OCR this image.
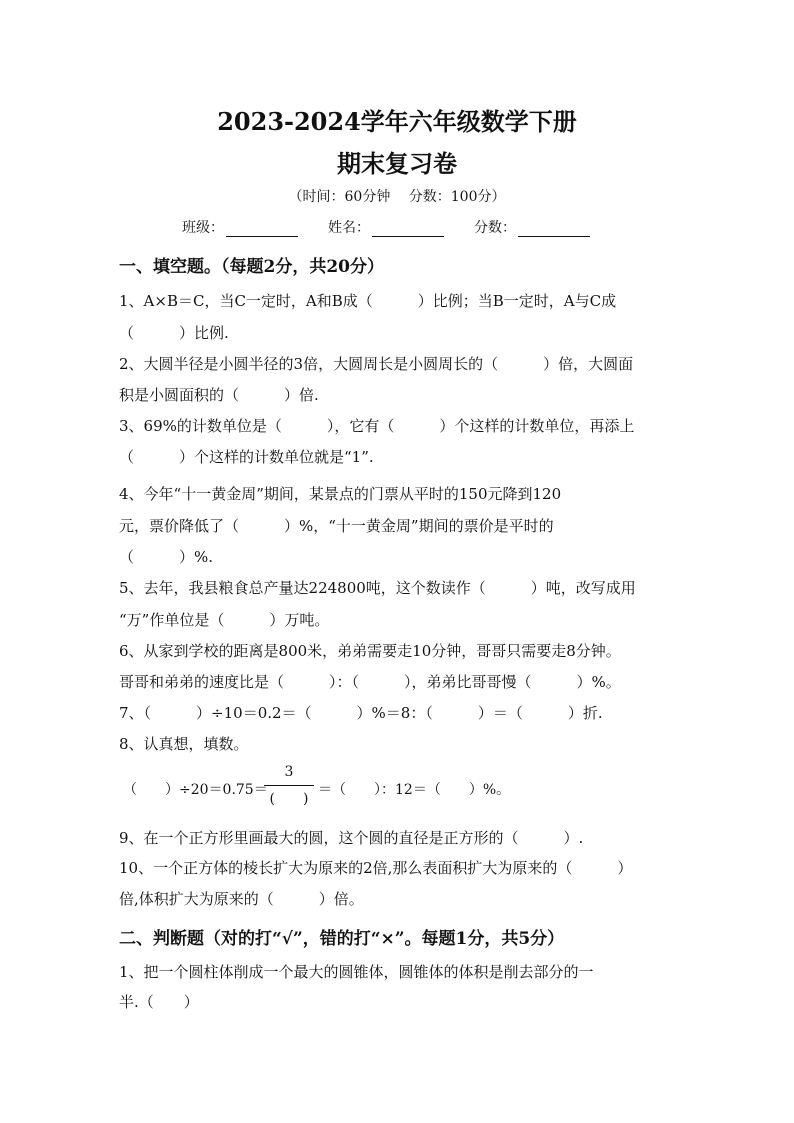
2023-2024学年六年级数学下册
期末复习卷
（时间：60分钟　 分数：100分）
班级：	姓名：	分数：
一、填空题。（每题2分，共20分）
1、A×B＝C，当C一定时，A和B成（　　　）比例；当B一定时，A与C成
（　　　）比例.
2、大圆半径是小圆半径的3倍，大圆周长是小圆周长的（　　　）倍，大圆面
积是小圆面积的（　　　）倍.
3、69%的计数单位是（　　　），它有（　　　）个这样的计数单位，再添上
（　　　）个这样的计数单位就是“1”.
4、今年“十一黄金周”期间，某景点的门票从平时的150元降到120
元，票价降低了（　　　）%，“十一黄金周”期间的票价是平时的
（　　　）%.
5、去年，我县粮食总产量达224800吨，这个数读作（　　　）吨，改写成用
“万”作单位是（　　　）万吨。
6、从家到学校的距离是800米，弟弟需要走10分钟，哥哥只需要走8分钟。
哥哥和弟弟的速度比是（　　　）：（　　　），弟弟比哥哥慢（　　　）%。
7、（　　　）÷10＝0.2＝（　　　）%＝8：（　　　）＝（　　　）折.
8、认真想，填数。
（　　）÷20＝0.75＝
3
(　　)
＝（　　）：12＝（　　）%。
9、在一个正方形里画最大的圆，这个圆的直径是正方形的（　　　）.
10、一个正方体的棱长扩大为原来的2倍,那么表面积扩大为原来的（　　　）
倍,体积扩大为原来的（　　　）倍。
二、判断题（对的打“√”，错的打“×”。每题1分，共5分）
1、把一个圆柱体削成一个最大的圆锥体，圆锥体的体积是削去部分的一
半.（　　）
